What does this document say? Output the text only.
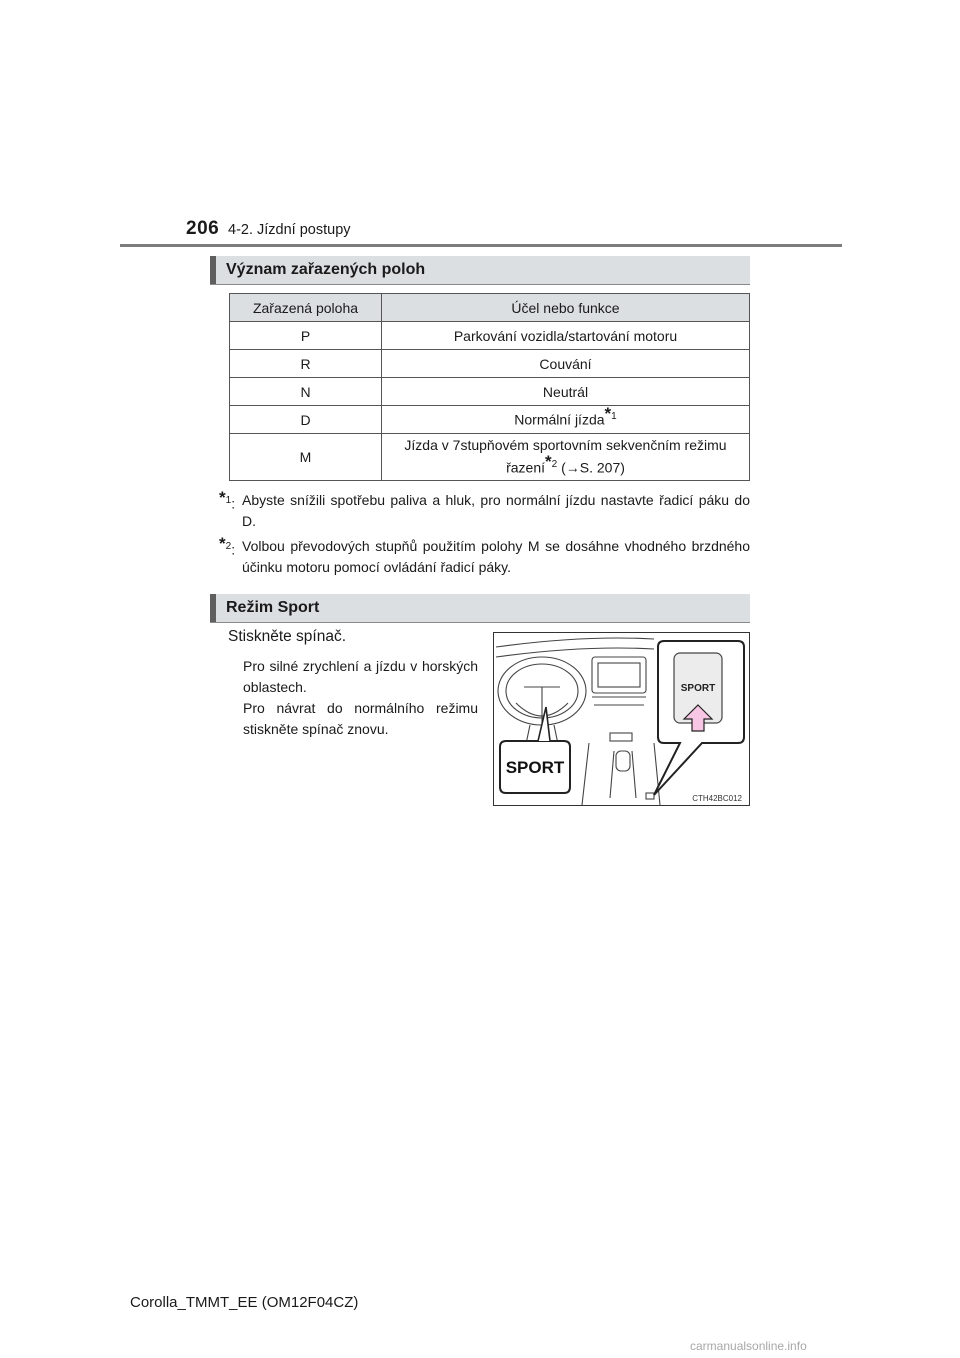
206 4-2. Jízdní postupy
Význam zařazených poloh
Zařazená poloha	Účel nebo funkce
P	Parkování vozidla/startování motoru
R	Couvání
N	Neutrál
D	Normální jízda$^{*1}$
M	Jízda v 7stupňovém sportovním sekvenčním režimu
řazení$^{*2}$ (→S. 207)
$^{*1}$: Abyste snížili spotřebu paliva a hluk, pro normální jízdu nastavte řadicí páku do D.
$^{*2}$: Volbou převodových stupňů použitím polohy M se dosáhne vhodného brzdného účinku motoru pomocí ovládání řadicí páky.
Režim Sport
Stiskněte spínač.
Pro silné zrychlení a jízdu v horských oblastech.
Pro návrat do normálního režimu stiskněte spínač znovu.
SPORT
SPORT
CTH42BC012
Corolla_TMMT_EE (OM12F04CZ)
carmanualsonline.info
